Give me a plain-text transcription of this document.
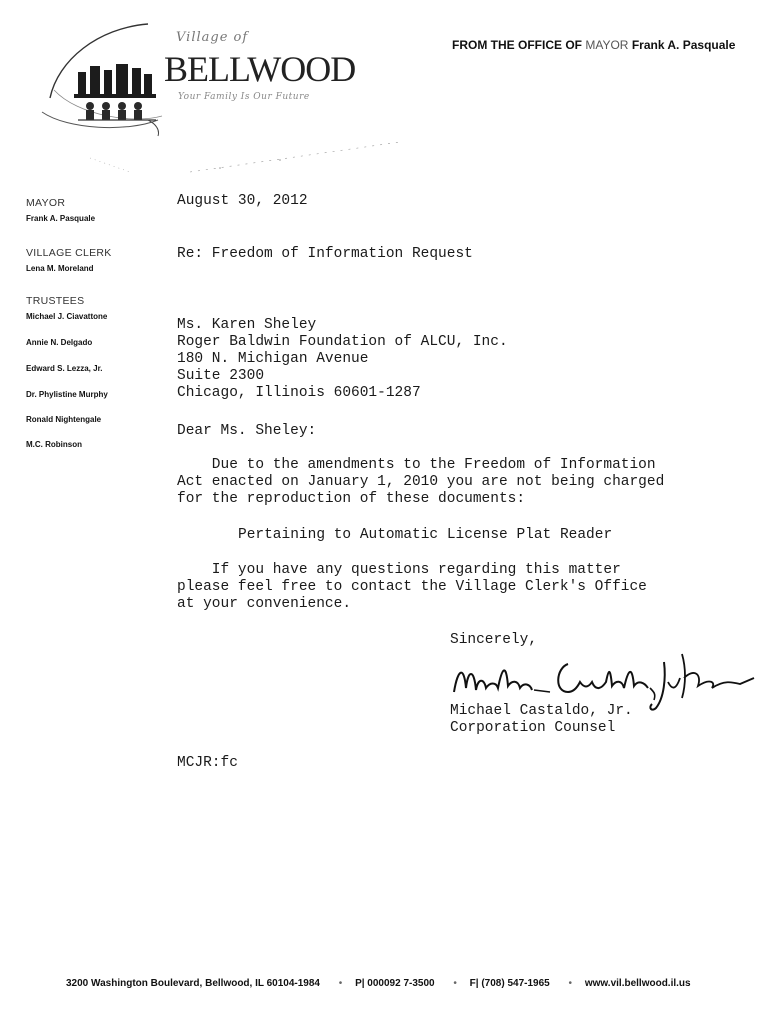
Village of
BELLWOOD
Your Family Is Our Future
FROM THE OFFICE OF MAYOR Frank A. Pasquale
MAYOR
Frank A. Pasquale
VILLAGE CLERK
Lena M. Moreland
TRUSTEES
Michael J. Ciavattone
Annie N. Delgado
Edward S. Lezza, Jr.
Dr. Phylistine Murphy
Ronald Nightengale
M.C. Robinson
August 30, 2012
Re: Freedom of Information Request
Ms. Karen Sheley
Roger Baldwin Foundation of ALCU, Inc.
180 N. Michigan Avenue
Suite 2300
Chicago, Illinois 60601-1287
Dear Ms. Sheley:
Due to the amendments to the Freedom of Information
Act enacted on January 1, 2010 you are not being charged
for the reproduction of these documents:
Pertaining to Automatic License Plat Reader
If you have any questions regarding this matter
please feel free to contact the Village Clerk's Office
at your convenience.
Sincerely,
Michael Castaldo, Jr.
Corporation Counsel
MCJR:fc
3200 Washington Boulevard, Bellwood, IL 60104-1984 • P| 000092 7-3500 • F| (708) 547-1965 • www.vil.bellwood.il.us
